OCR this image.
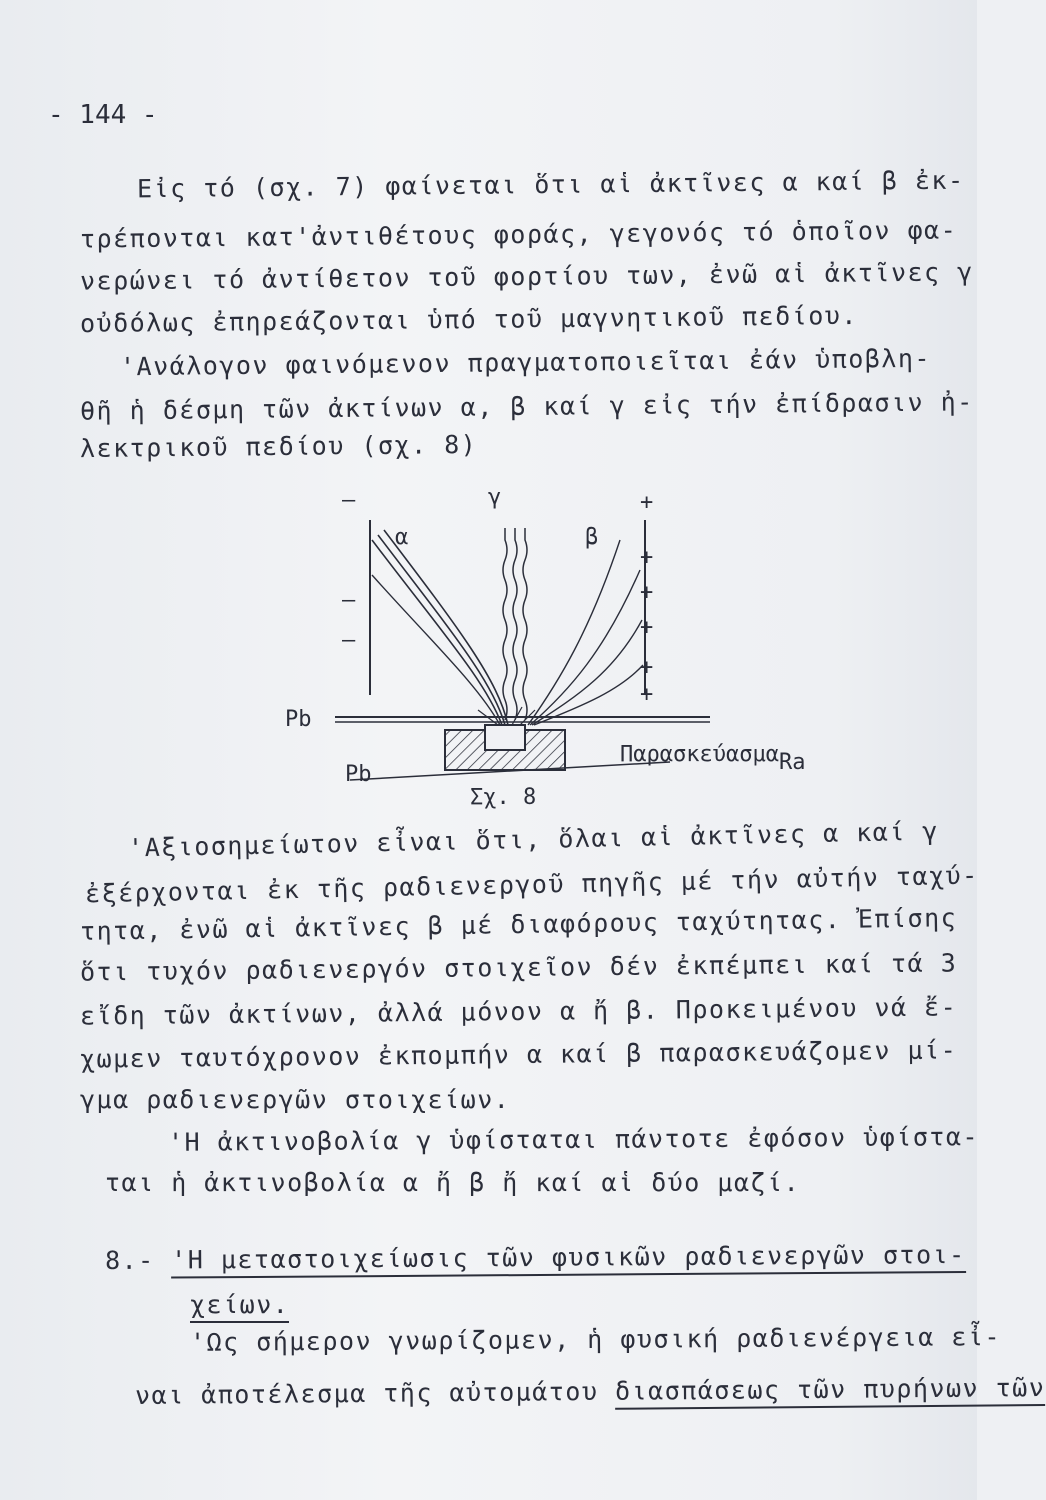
- 144 -
Εἰς τό (σχ. 7) φαίνεται ὅτι αἱ ἀκτῖνες α καί β ἐκ-
τρέπονται κατ'ἀντιθέτους φοράς, γεγονός τό ὁποῖον φα-
νερώνει τό ἀντίθετον τοῦ φορτίου των, ἐνῶ αἱ ἀκτῖνες γ
οὐδόλως ἐπηρεάζονται ὑπό τοῦ μαγνητικοῦ πεδίου.
'Ανάλογον φαινόμενον πραγματοποιεῖται ἐάν ὑποβλη-
θῆ ἡ δέσμη τῶν ἀκτίνων α, β καί γ εἰς τήν ἐπίδρασιν ἠ-
λεκτρικοῦ πεδίου (σχ. 8)
—
—
—
+
+
+
+
+
+
α
γ
β
Pb
Pb
ΠαρασκεύασμαRa
Σχ. 8
'Αξιοσημείωτον εἶναι ὅτι, ὅλαι αἱ ἀκτῖνες α καί γ
ἐξέρχονται ἐκ τῆς ραδιενεργοῦ πηγῆς μέ τήν αὐτήν ταχύ-
τητα, ἐνῶ αἱ ἀκτῖνες β μέ διαφόρους ταχύτητας. Ἐπίσης
ὅτι τυχόν ραδιενεργόν στοιχεῖον δέν ἐκπέμπει καί τά 3
εἴδη τῶν ἀκτίνων, ἀλλά μόνον α ἤ β. Προκειμένου νά ἔ-
χωμεν ταυτόχρονον ἐκπομπήν α καί β παρασκευάζομεν μί-
γμα ραδιενεργῶν στοιχείων.
'Η ἀκτινοβολία γ ὑφίσταται πάντοτε ἐφόσον ὑφίστα-
ται ἡ ἀκτινοβολία α ἤ β ἤ καί αἱ δύο μαζί.
8.- 'Η μεταστοιχείωσις τῶν φυσικῶν ραδιενεργῶν στοι-
χείων.
'Ως σήμερον γνωρίζομεν, ἡ φυσική ραδιενέργεια εἶ-
ναι ἀποτέλεσμα τῆς αὐτομάτου διασπάσεως τῶν πυρήνων τῶν
